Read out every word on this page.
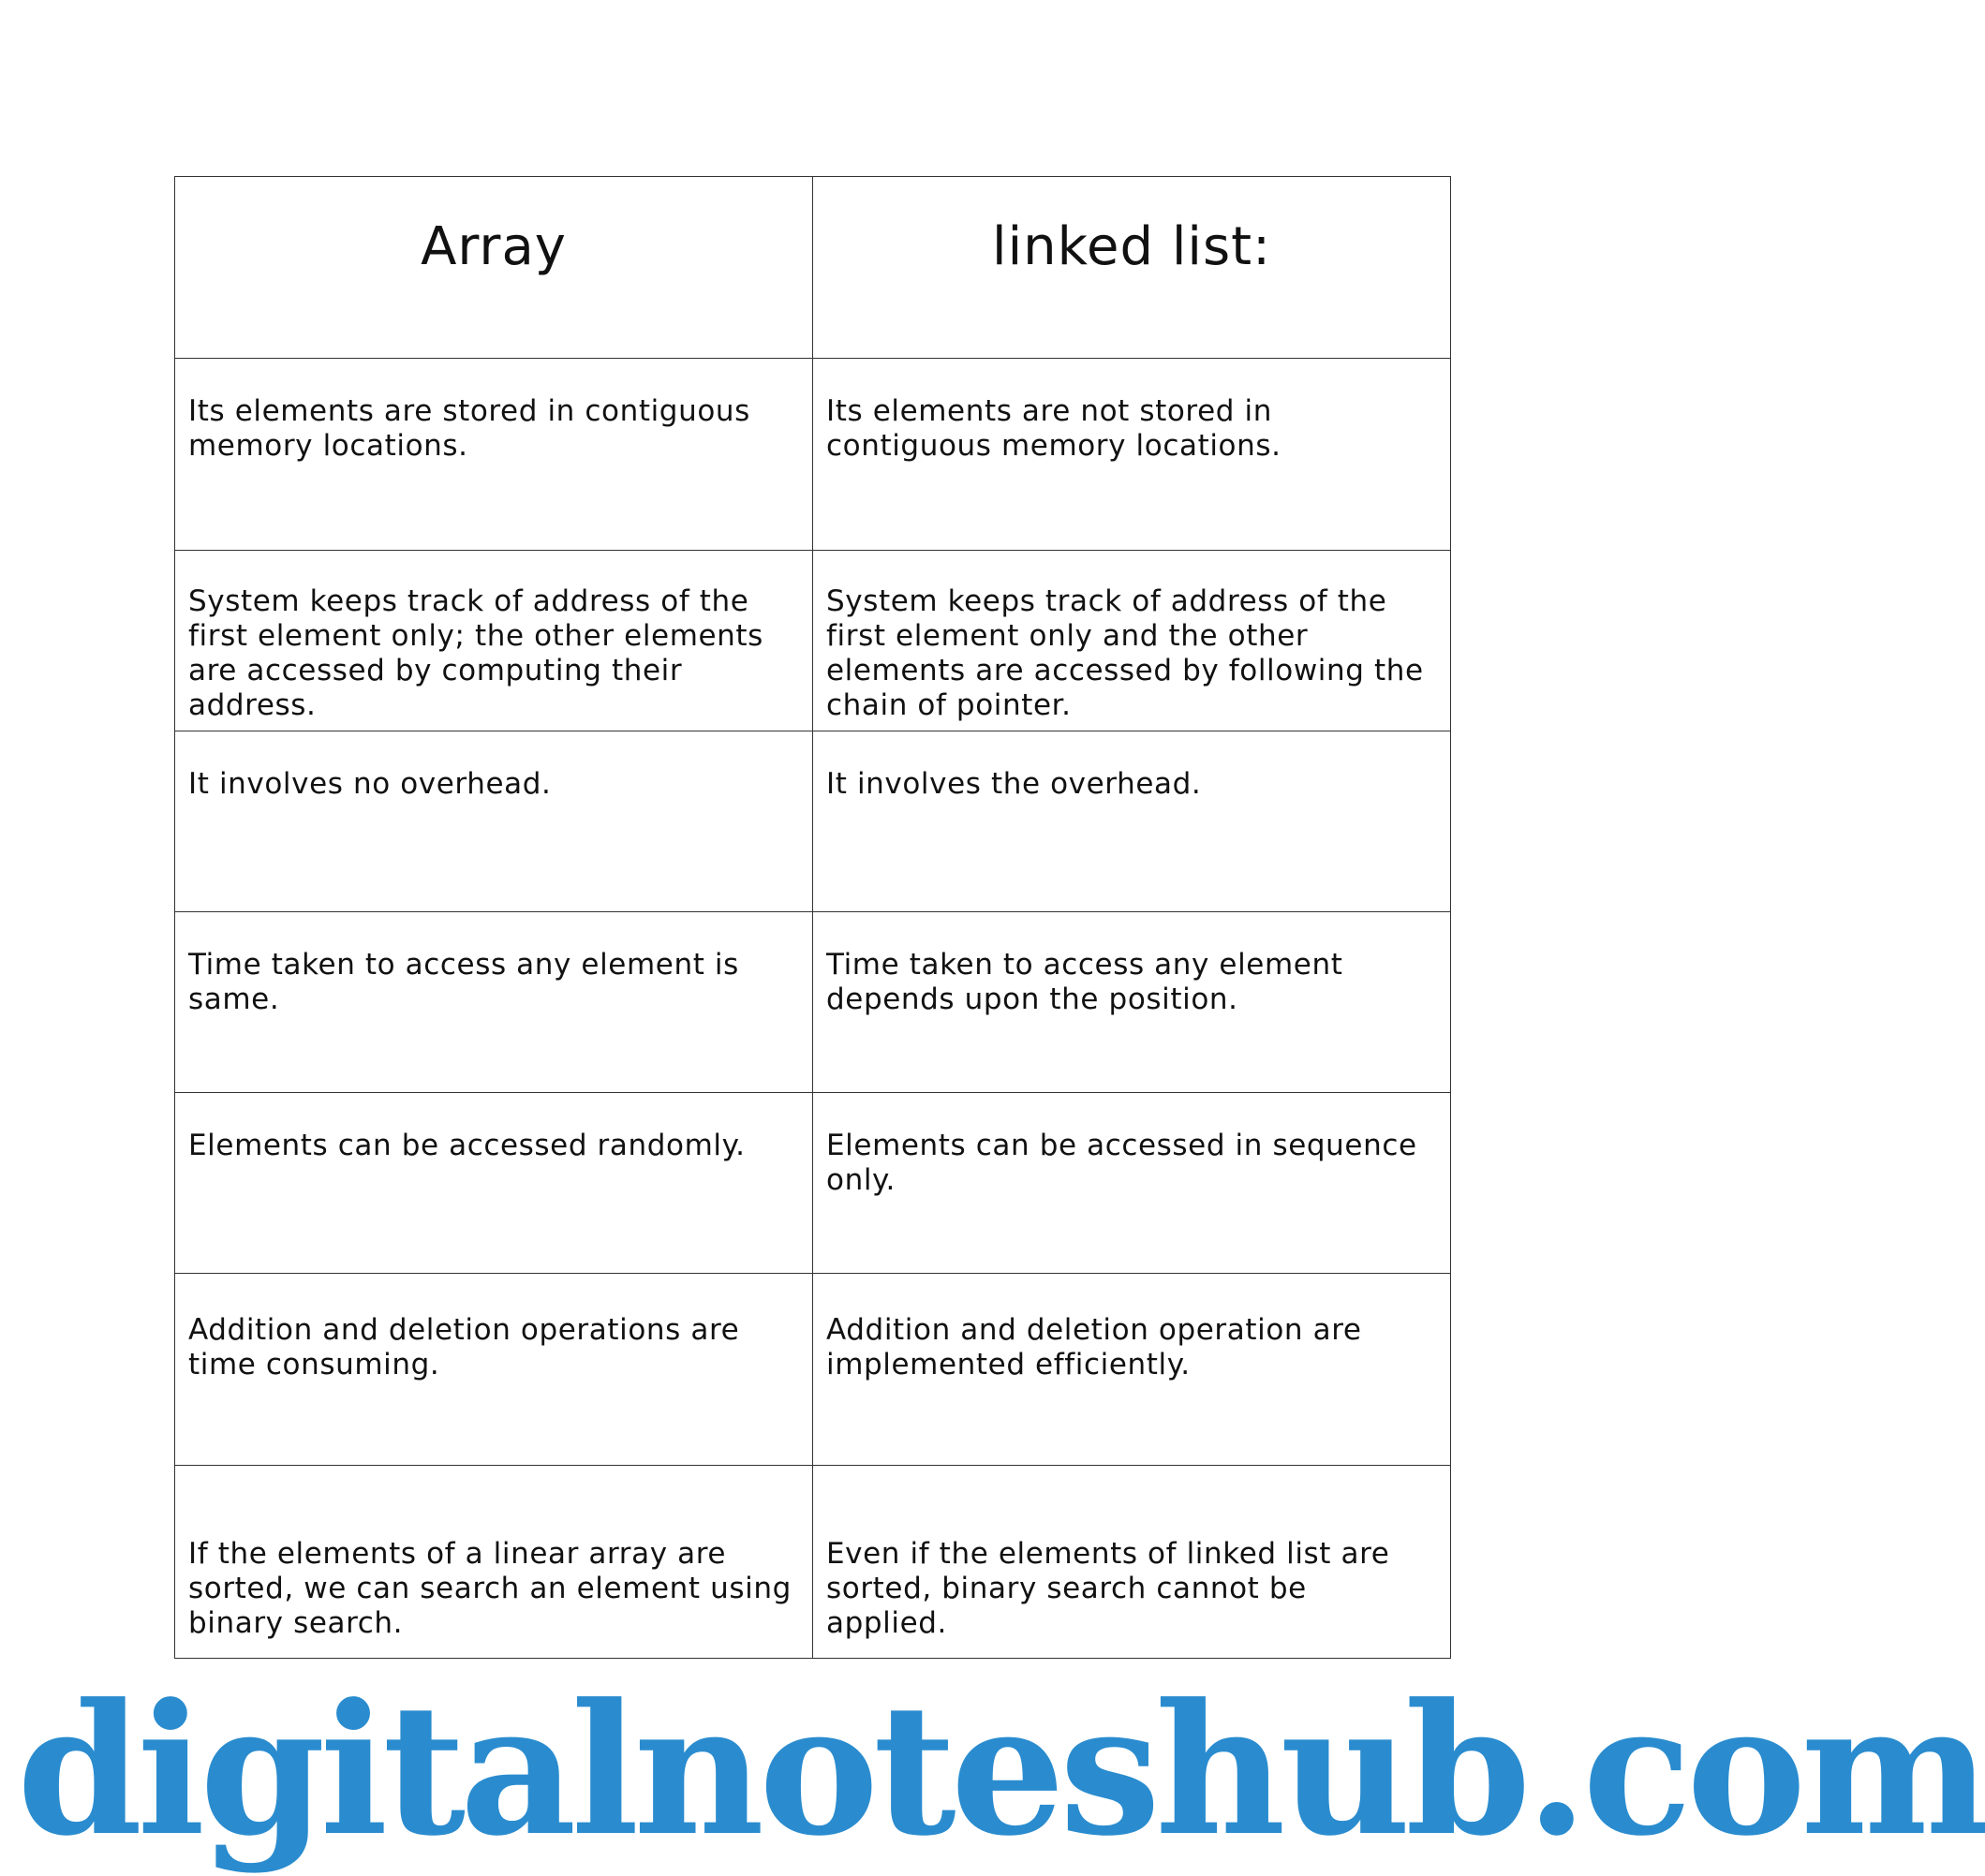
Array	linked list:
Its elements are stored in contiguous memory locations.	Its elements are not stored in contiguous memory locations.
System keeps track of address of the first element only; the other elements are accessed by computing their address.	System keeps track of address of the first element only and the other elements are accessed by following the chain of pointer.
It involves no overhead.	It involves the overhead.
Time taken to access any element is same.	Time taken to access any element depends upon the position.
Elements can be accessed randomly.	Elements can be accessed in sequence only.
Addition and deletion operations are time consuming.	Addition and deletion operation are implemented efficiently.
If the elements of a linear array are sorted, we can search an element using binary search.	Even if the elements of linked list are sorted, binary search cannot be applied.
digitalnoteshub.com
